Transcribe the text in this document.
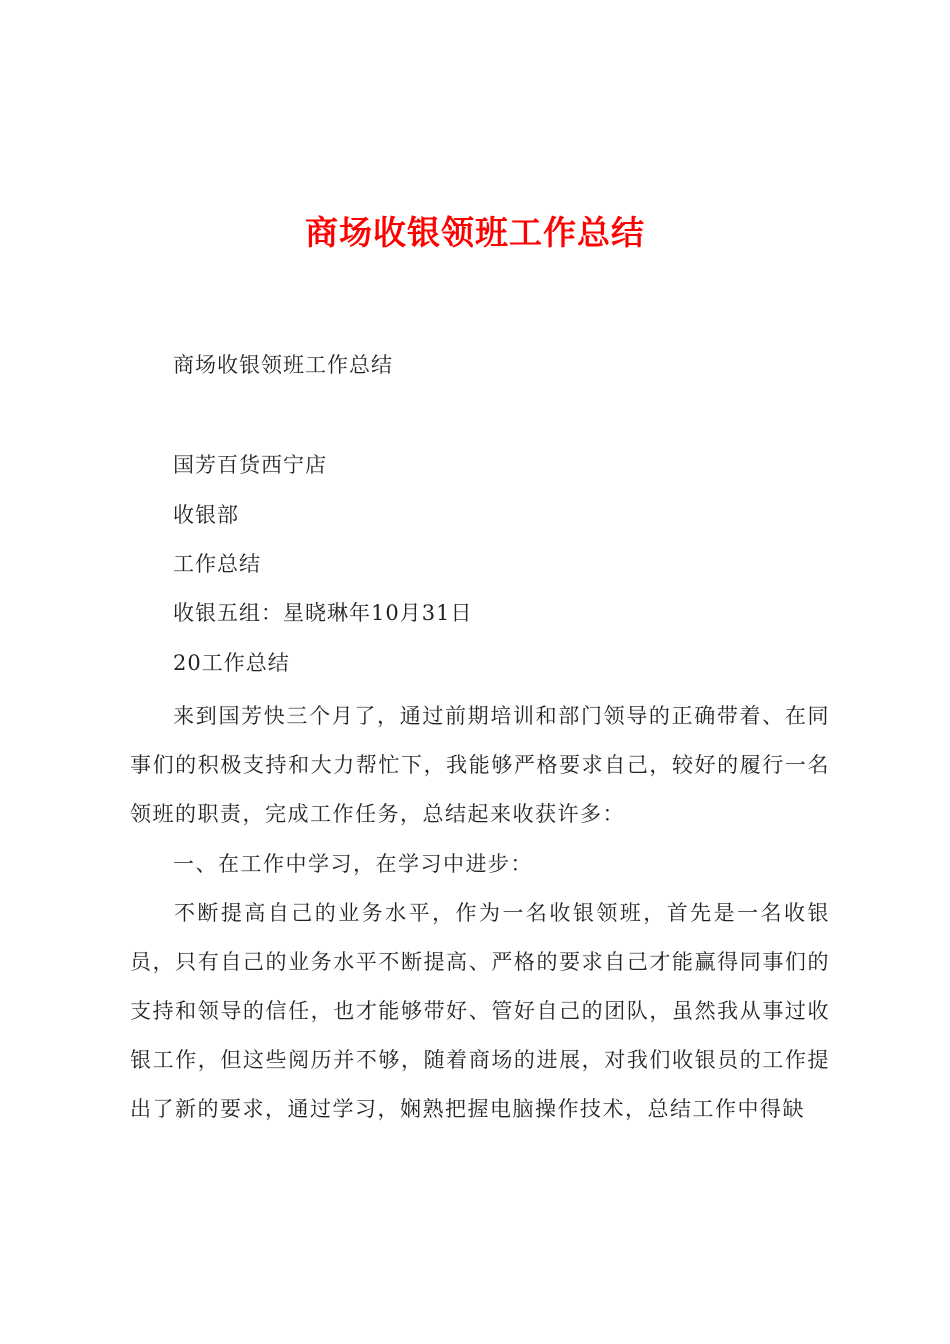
商场收银领班工作总结
商场收银领班工作总结
国芳百货西宁店
收银部
工作总结
收银五组：星晓琳年10月31日
20工作总结
来到国芳快三个月了，通过前期培训和部门领导的正确带着、在同事们的积极支持和大力帮忙下，我能够严格要求自己，较好的履行一名领班的职责，完成工作任务，总结起来收获许多：
一、在工作中学习，在学习中进步：
不断提高自己的业务水平，作为一名收银领班，首先是一名收银员，只有自己的业务水平不断提高、严格的要求自己才能赢得同事们的支持和领导的信任，也才能够带好、管好自己的团队，虽然我从事过收银工作，但这些阅历并不够，随着商场的进展，对我们收银员的工作提出了新的要求，通过学习，娴熟把握电脑操作技术，总结工作中得缺
